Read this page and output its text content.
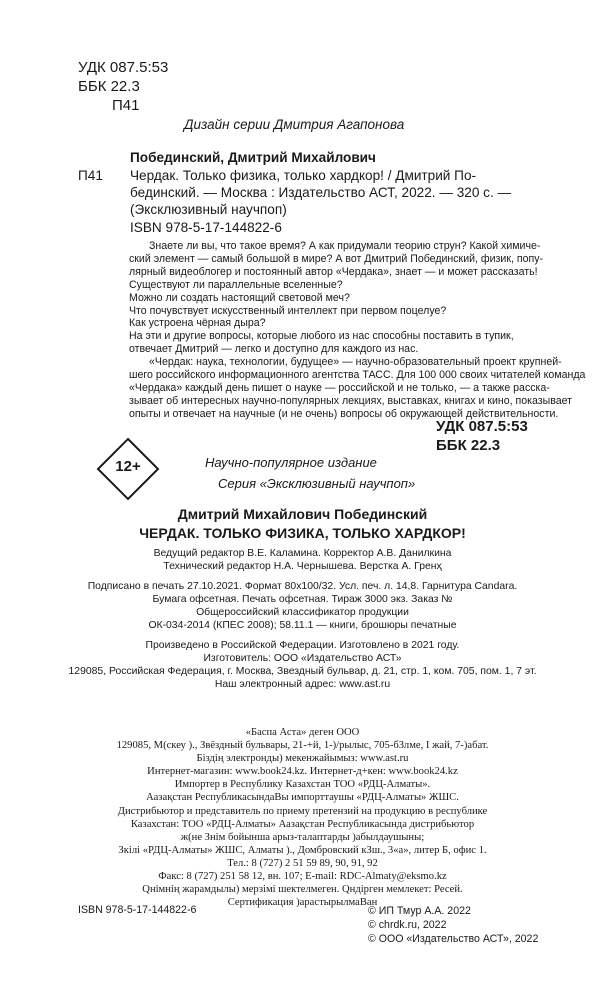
УДК 087.5:53
ББК 22.3
П41
Дизайн серии Дмитрия Агапонова
Побединский, Дмитрий Михайлович
П41 Чердак. Только физика, только хардкор! / Дмитрий По-
бединский. — Москва : Издательство АСТ, 2022. — 320 с. —
(Эксклюзивный научпоп)
ISBN 978-5-17-144822-6

Знаете ли вы, что такое время? А как придумали теорию струн? Какой химиче-

ский элемент — самый большой в мире? А вот Дмитрий Побединский, физик, попу-

лярный видеоблогер и постоянный автор «Чердака», знает — и может рассказать!

Существуют ли параллельные вселенные?

Можно ли создать настоящий световой меч?

Что почувствует искусственный интеллект при первом поцелуе?

Как устроена чёрная дыра?

На эти и другие вопросы, которые любого из нас способны поставить в тупик,

отвечает Дмитрий — легко и доступно для каждого из нас.

«Чердак: наука, технологии, будущее» — научно-образовательный проект крупней-

шего российского информационного агентства ТАСС. Для 100 000 своих читателей команда

«Чердака» каждый день пишет о науке — российской и не только, — а также расска-

зывает об интересных научно-популярных лекциях, выставках, книгах и кино, показывает

опыты и отвечает на научные (и не очень) вопросы об окружающей действительности.

УДК 087.5:53
ББК 22.3
12+	Научно-популярное издание
Серия «Эксклюзивный научпоп»
Дмитрий Михайлович Побединский
ЧЕРДАК. ТОЛЬКО ФИЗИКА, ТОЛЬКО ХАРДКОР!

Ведущий редактор В.Е. Каламина. Корректор А.В. Данилкина

Технический редактор Н.А. Чернышева. Верстка А. Гренҳ

Подписано в печать 27.10.2021. Формат 80x100/32. Усл. печ. л. 14,8. Гарнитура Candara.

Бумага офсетная. Печать офсетная. Тираж 3000 экз. Заказ №

Общероссийский классификатор продукции

ОК-034-2014 (КПЕС 2008); 58.11.1 — книги, брошюры печатные

Произведено в Российской Федерации. Изготовлено в 2021 году.

Изготовитель: ООО «Издательство АСТ»

129085, Российская Федерация, г. Москва, Звездный бульвар, д. 21, стр. 1, ком. 705, пом. 1, 7 эт.

Наш электронный адрес: www.ast.ru

«Баспа Аста» деген ООО

129085, М(скеу )., Звёздный бульвары, 21-+й, 1-)/рылыс, 705-бЗлме, I жай, 7-)абат.

Біздің электронды) мекенжайымыз: www.ast.ru

Интернет-магазин: www.book24.kz. Интернет-д+кен: www.book24.kz

Импортер в Республику Казахстан ТОО «РДЦ-Алматы».

Аазақстан РеспубликасындаВы импорттаушы «РДЦ-Алматы» ЖШС.

Дистрибьютор и представитель по приему претензий на продукцию в республике

Казахстан: ТОО «РДЦ-Алматы» Аазақстан Республикасында дистрибьютор

ж(не Знім бойынша арыз-талаптарды )абылдаушыны;

Зкілі «РДЦ-Алматы» ЖШС, Алматы )., Домбровский кЗш., 3«а», литер Б, офис 1.

Тел.: 8 (727) 2 51 59 89, 90, 91, 92

Факс: 8 (727) 251 58 12, вн. 107; E-mail: RDC-Almaty@eksmo.kz

Qнімнің жарамдылы) мерзімі шектелмеген. Qндірген мемлекет: Ресей.

Сертификация )арастырылмаВан

ISBN 978-5-17-144822-6	© ИП Тмур А.А. 2022

© chrdk.ru, 2022

© ООО «Издательство АСТ», 2022
